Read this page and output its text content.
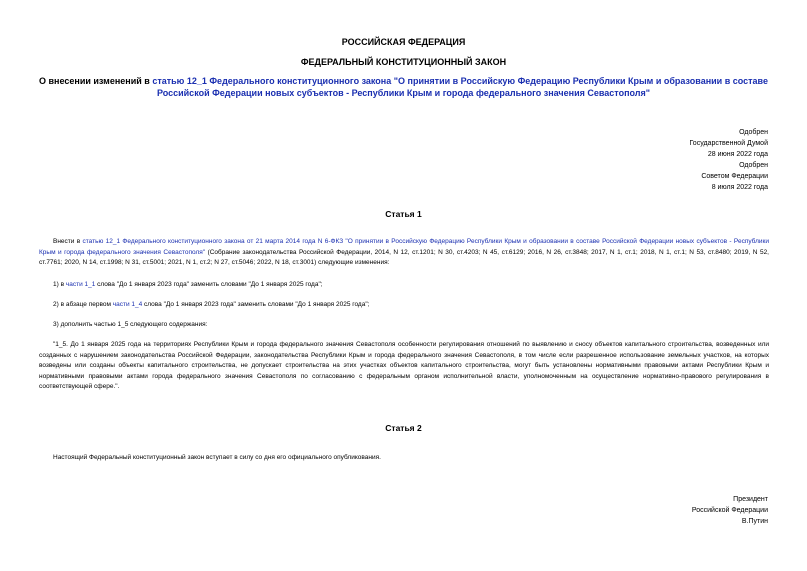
РОССИЙСКАЯ ФЕДЕРАЦИЯ
ФЕДЕРАЛЬНЫЙ КОНСТИТУЦИОННЫЙ ЗАКОН
О внесении изменений в статью 12_1 Федерального конституционного закона "О принятии в Российскую Федерацию Республики Крым и образовании в составе Российской Федерации новых субъектов - Республики Крым и города федерального значения Севастополя"
Одобрен
Государственной Думой
28 июня 2022 года
Одобрен
Советом Федерации
8 июля 2022 года
Статья 1
Внести в статью 12_1 Федерального конституционного закона от 21 марта 2014 года N 6-ФКЗ "О принятии в Российскую Федерацию Республики Крым и образовании в составе Российской Федерации новых субъектов - Республики Крым и города федерального значения Севастополя" (Собрание законодательства Российской Федерации, 2014, N 12, ст.1201; N 30, ст.4203; N 45, ст.6129; 2016, N 26, ст.3848; 2017, N 1, ст.1; 2018, N 1, ст.1; N 53, ст.8480; 2019, N 52, ст.7761; 2020, N 14, ст.1998; N 31, ст.5001; 2021, N 1, ст.2; N 27, ст.5046; 2022, N 18, ст.3001) следующие изменения:
1) в части 1_1 слова "До 1 января 2023 года" заменить словами "До 1 января 2025 года";
2) в абзаце первом части 1_4 слова "До 1 января 2023 года" заменить словами "До 1 января 2025 года";
3) дополнить частью 1_5 следующего содержания:
"1_5. До 1 января 2025 года на территориях Республики Крым и города федерального значения Севастополя особенности регулирования отношений по выявлению и сносу объектов капитального строительства, возведенных или созданных с нарушением законодательства Российской Федерации, законодательства Республики Крым и города федерального значения Севастополя, в том числе если разрешенное использование земельных участков, на которых возведены или созданы объекты капитального строительства, не допускает строительства на этих участках объектов капитального строительства, могут быть установлены нормативными правовыми актами Республики Крым и нормативными правовыми актами города федерального значения Севастополя по согласованию с федеральным органом исполнительной власти, уполномоченным на осуществление нормативно-правового регулирования в соответствующей сфере.".
Статья 2
Настоящий Федеральный конституционный закон вступает в силу со дня его официального опубликования.
Президент
Российской Федерации
В.Путин
